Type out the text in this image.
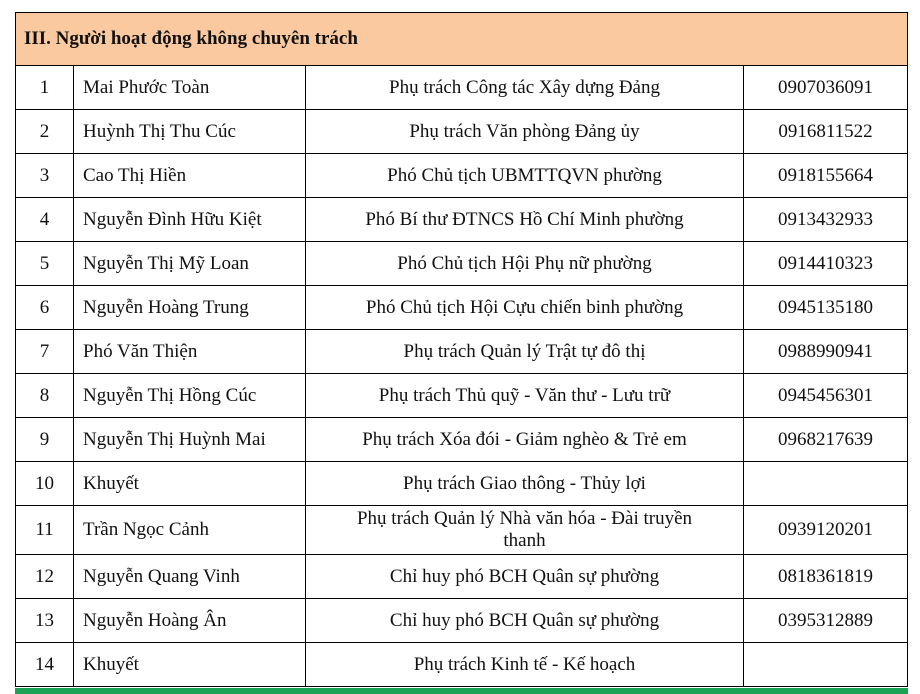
III. Người hoạt động không chuyên trách			
1	Mai Phước Toàn	Phụ trách Công tác Xây dựng Đảng	0907036091
2	Huỳnh Thị Thu Cúc	Phụ trách Văn phòng Đảng ủy	0916811522
3	Cao Thị Hiền	Phó Chủ tịch UBMTTQVN phường	0918155664
4	Nguyễn Đình Hữu Kiệt	Phó Bí thư ĐTNCS Hồ Chí Minh phường	0913432933
5	Nguyễn Thị Mỹ Loan	Phó Chủ tịch Hội Phụ nữ phường	0914410323
6	Nguyễn Hoàng Trung	Phó Chủ tịch Hội Cựu chiến binh phường	0945135180
7	Phó Văn Thiện	Phụ trách Quản lý Trật tự đô thị	0988990941
8	Nguyễn Thị Hồng Cúc	Phụ trách Thủ quỹ - Văn thư - Lưu trữ	0945456301
9	Nguyễn Thị Huỳnh Mai	Phụ trách Xóa đói - Giảm nghèo & Trẻ em	0968217639
10	Khuyết	Phụ trách Giao thông - Thủy lợi	
11	Trần Ngọc Cảnh	Phụ trách Quản lý Nhà văn hóa - Đài truyền thanh	0939120201
12	Nguyễn Quang Vinh	Chỉ huy phó BCH Quân sự phường	0818361819
13	Nguyễn Hoàng Ân	Chỉ huy phó BCH Quân sự phường	0395312889
14	Khuyết	Phụ trách Kinh tế - Kế hoạch	
